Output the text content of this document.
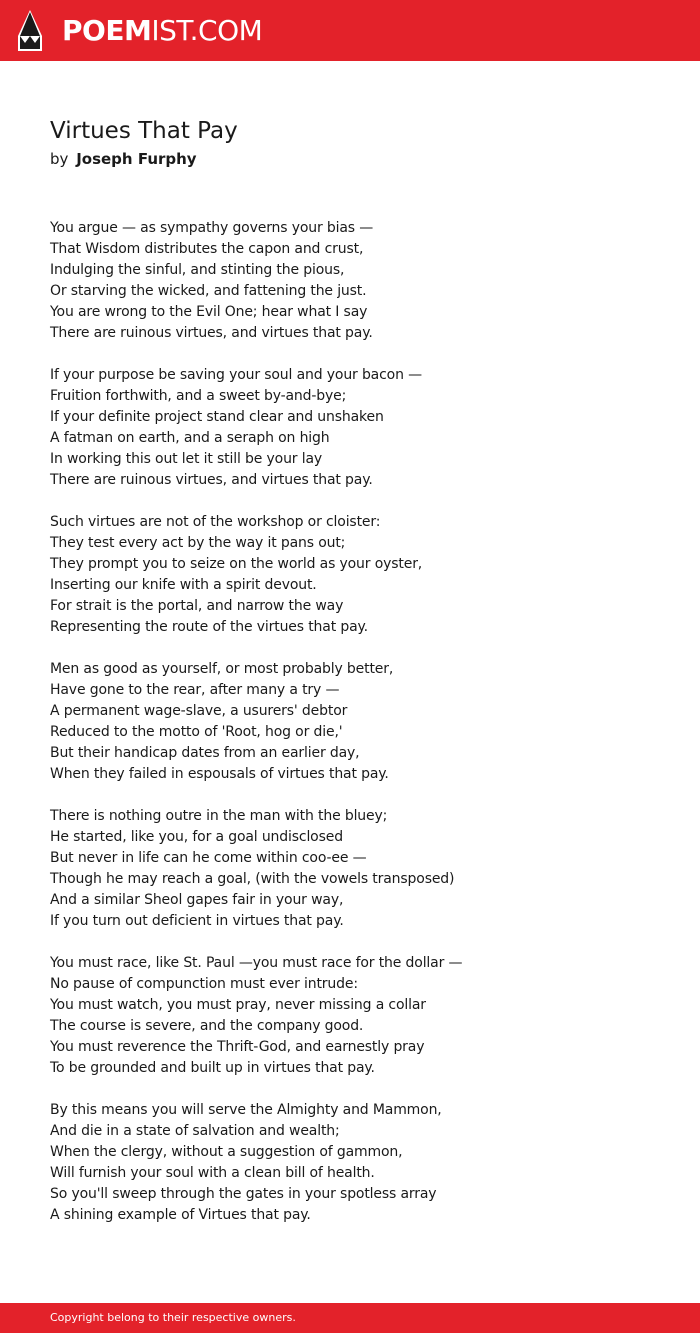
POEMIST.COM
Virtues That Pay
by Joseph Furphy
You argue — as sympathy governs your bias —
That Wisdom distributes the capon and crust,
Indulging the sinful, and stinting the pious,
Or starving the wicked, and fattening the just.
You are wrong to the Evil One; hear what I say
There are ruinous virtues, and virtues that pay.
If your purpose be saving your soul and your bacon —
Fruition forthwith, and a sweet by-and-bye;
If your definite project stand clear and unshaken
A fatman on earth, and a seraph on high
In working this out let it still be your lay
There are ruinous virtues, and virtues that pay.
Such virtues are not of the workshop or cloister:
They test every act by the way it pans out;
They prompt you to seize on the world as your oyster,
Inserting our knife with a spirit devout.
For strait is the portal, and narrow the way
Representing the route of the virtues that pay.
Men as good as yourself, or most probably better,
Have gone to the rear, after many a try —
A permanent wage-slave, a usurers' debtor
Reduced to the motto of 'Root, hog or die,'
But their handicap dates from an earlier day,
When they failed in espousals of virtues that pay.
There is nothing outre in the man with the bluey;
He started, like you, for a goal undisclosed
But never in life can he come within coo-ee —
Though he may reach a goal, (with the vowels transposed)
And a similar Sheol gapes fair in your way,
If you turn out deficient in virtues that pay.
You must race, like St. Paul —you must race for the dollar —
No pause of compunction must ever intrude:
You must watch, you must pray, never missing a collar
The course is severe, and the company good.
You must reverence the Thrift-God, and earnestly pray
To be grounded and built up in virtues that pay.
By this means you will serve the Almighty and Mammon,
And die in a state of salvation and wealth;
When the clergy, without a suggestion of gammon,
Will furnish your soul with a clean bill of health.
So you'll sweep through the gates in your spotless array
A shining example of Virtues that pay.
Copyright belong to their respective owners.
